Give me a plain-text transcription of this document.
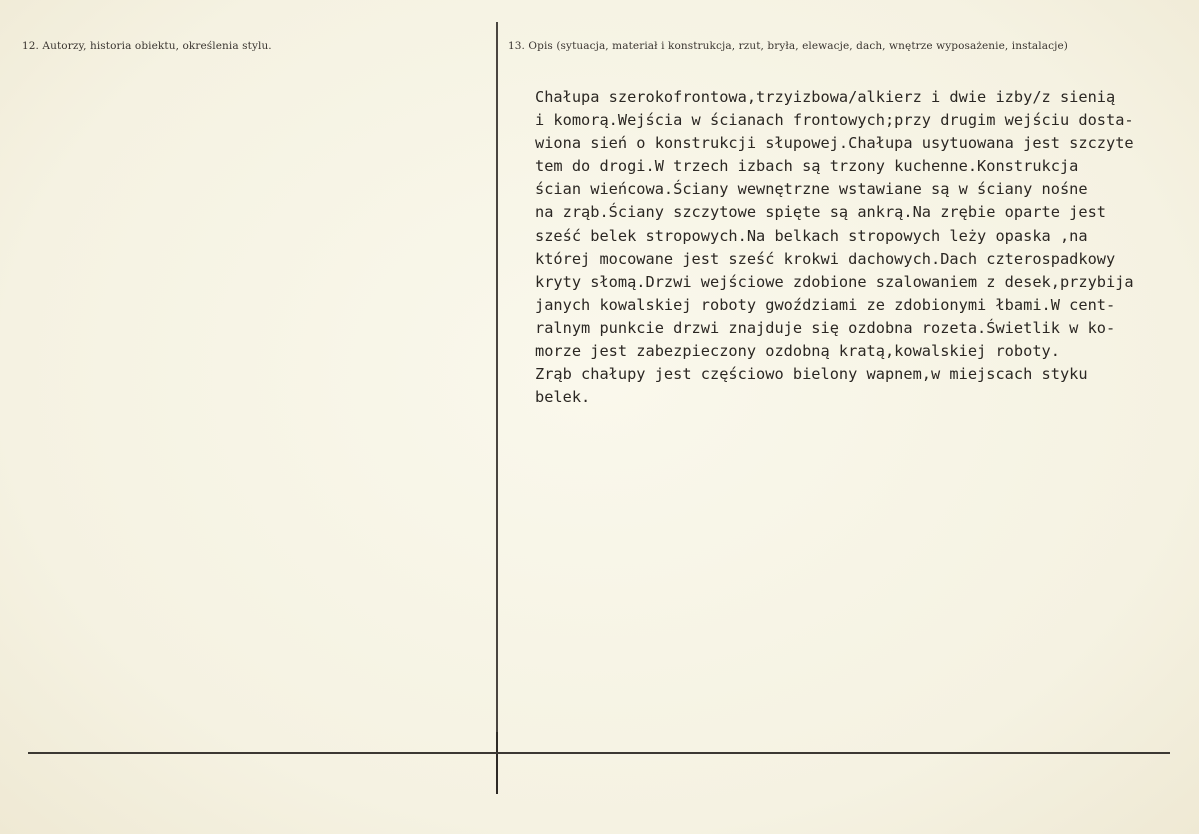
12. Autorzy, historia obiektu, określenia stylu.	13. Opis (sytuacja, materiał i konstrukcja, rzut, bryła, elewacje, dach, wnętrze wyposażenie, instalacje)
Chałupa szerokofrontowa,trzyizbowa/alkierz i dwie izby/z sienią
i komorą.Wejścia w ścianach frontowych;przy drugim wejściu dosta-
wiona sień o konstrukcji słupowej.Chałupa usytuowana jest szczyte
tem do drogi.W trzech izbach są trzony kuchenne.Konstrukcja
ścian wieńcowa.Ściany wewnętrzne wstawiane są w ściany nośne
na zrąb.Ściany szczytowe spięte są ankrą.Na zrębie oparte jest
sześć belek stropowych.Na belkach stropowych leży opaska ,na
której mocowane jest sześć krokwi dachowych.Dach czterospadkowy
kryty słomą.Drzwi wejściowe zdobione szalowaniem z desek,przybija
janych kowalskiej roboty gwoździami ze zdobionymi łbami.W cent-
ralnym punkcie drzwi znajduje się ozdobna rozeta.Świetlik w ko-
morze jest zabezpieczony ozdobną kratą,kowalskiej roboty.
Zrąb chałupy jest częściowo bielony wapnem,w miejscach styku
belek.
